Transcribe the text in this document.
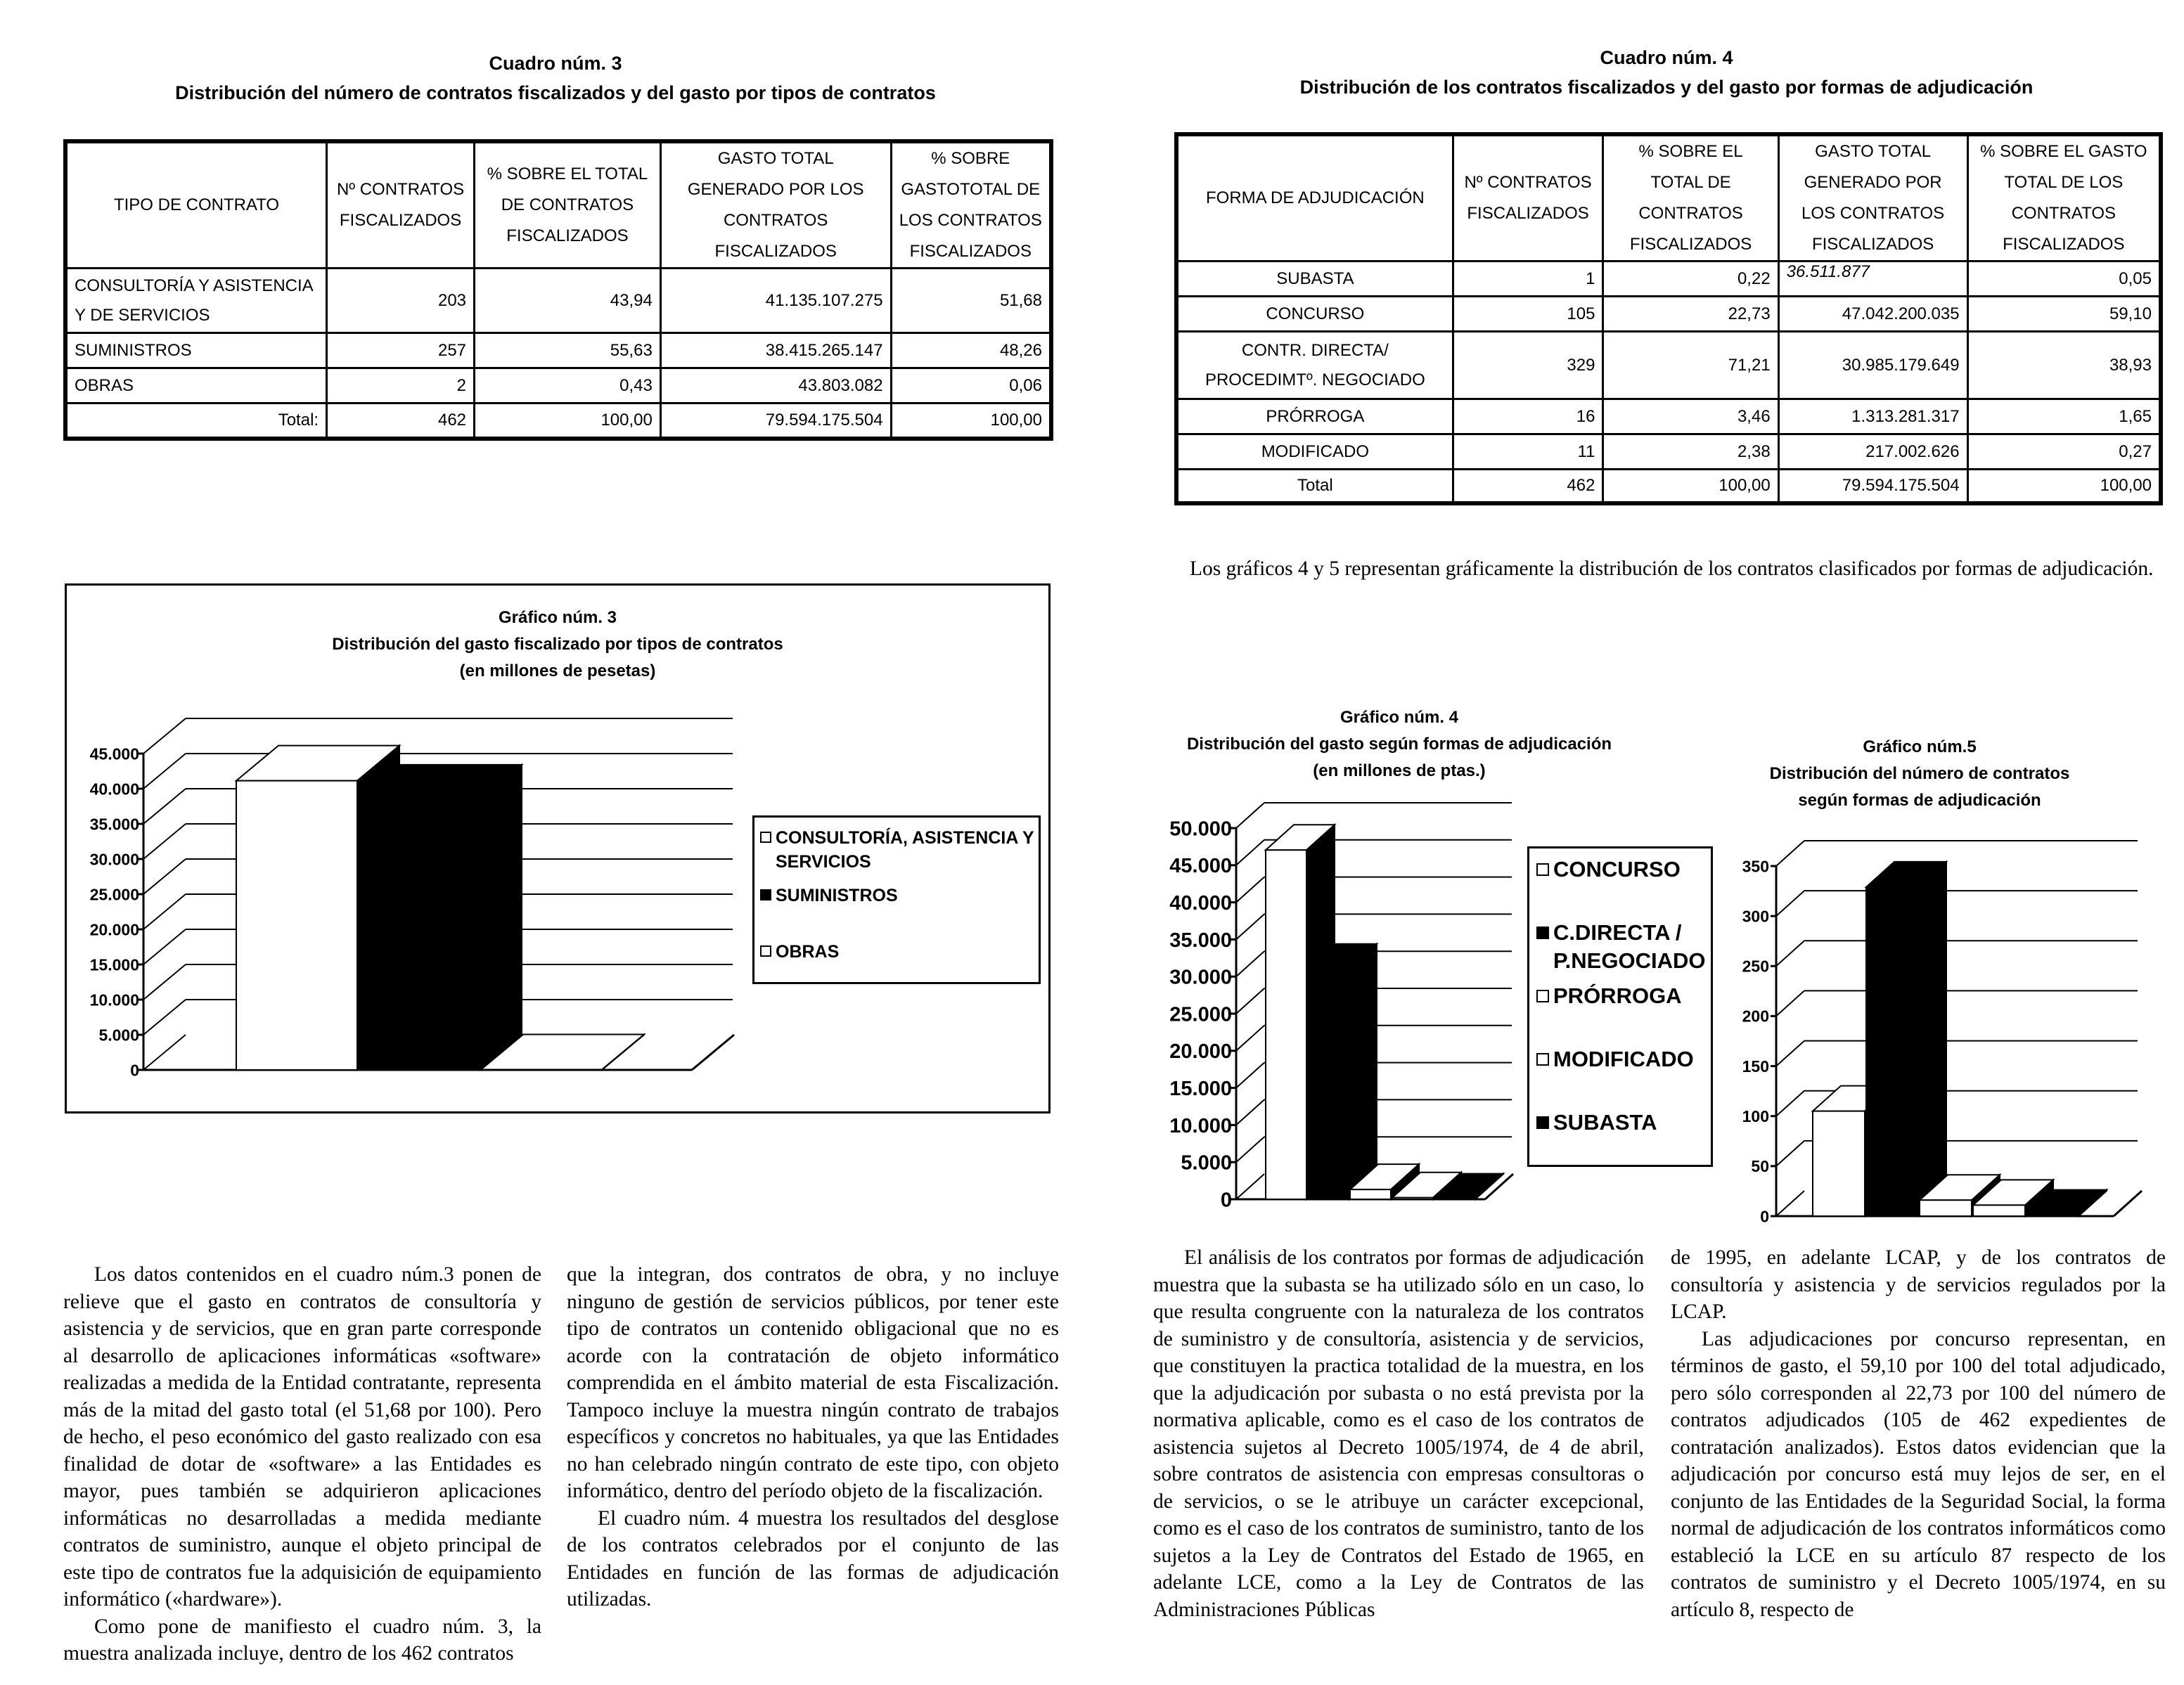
Cuadro núm. 3
Distribución del número de contratos fiscalizados y del gasto por tipos de contratos
TIPO DE CONTRATO	Nº CONTRATOS FISCALIZADOS	% SOBRE EL TOTAL DE CONTRATOS FISCALIZADOS	GASTO TOTAL GENERADO POR LOS CONTRATOS FISCALIZADOS	% SOBRE GASTOTOTAL DE LOS CONTRATOS FISCALIZADOS
CONSULTORÍA Y ASISTENCIA Y DE SERVICIOS	203	43,94	41.135.107.275	51,68
SUMINISTROS	257	55,63	38.415.265.147	48,26
OBRAS	2	0,43	43.803.082	0,06
Total:	462	100,00	79.594.175.504	100,00
Cuadro núm. 4
Distribución de los contratos fiscalizados y del gasto por formas de adjudicación
FORMA DE ADJUDICACIÓN	Nº CONTRATOS FISCALIZADOS	% SOBRE EL TOTAL DE CONTRATOS FISCALIZADOS	GASTO TOTAL GENERADO POR LOS CONTRATOS FISCALIZADOS	% SOBRE EL GASTO TOTAL DE LOS CONTRATOS FISCALIZADOS
SUBASTA	1	0,22	36.511.877	0,05
CONCURSO	105	22,73	47.042.200.035	59,10
CONTR. DIRECTA/ PROCEDIMTº. NEGOCIADO	329	71,21	30.985.179.649	38,93
PRÓRROGA	16	3,46	1.313.281.317	1,65
MODIFICADO	11	2,38	217.002.626	0,27
Total	462	100,00	79.594.175.504	100,00

Los gráficos 4 y 5 representan gráficamente la distribución de los contratos clasificados por formas de adjudicación.

Gráfico núm. 3
Distribución del gasto fiscalizado por tipos de contratos
(en millones de pesetas)
0
5.000
10.000
15.000
20.000
25.000
30.000
35.000
40.000
45.000
0
5.000
10.000
15.000
20.000
25.000
30.000
35.000
40.000
45.000
50.000
0
50
100
150
200
250
300
350
CONSULTORÍA, ASISTENCIA Y SERVICIOS
SUMINISTROS
OBRAS
Gráfico núm. 4
Distribución del gasto según formas de adjudicación
(en millones de ptas.)
CONCURSO
C.DIRECTA / P.NEGOCIADO
PRÓRROGA
MODIFICADO
SUBASTA
Gráfico núm.5
Distribución del número de contratos
según formas de adjudicación

Los datos contenidos en el cuadro núm.3 ponen de relieve que el gasto en contratos de consultoría y asistencia y de servicios, que en gran parte corresponde al desarrollo de aplicaciones informáticas «software» realizadas a medida de la Entidad contratante, representa más de la mitad del gasto total (el 51,68 por 100). Pero de hecho, el peso económico del gasto realizado con esa finalidad de dotar de «software» a las Entidades es mayor, pues también se adquirieron aplicaciones informáticas no desarrolladas a medida mediante contratos de suministro, aunque el objeto principal de este tipo de contratos fue la adquisición de equipamiento informático («hardware»).

Como pone de manifiesto el cuadro núm. 3, la muestra analizada incluye, dentro de los 462 contratos

que la integran, dos contratos de obra, y no incluye ninguno de gestión de servicios públicos, por tener este tipo de contratos un contenido obligacional que no es acorde con la contratación de objeto informático comprendida en el ámbito material de esta Fiscalización. Tampoco incluye la muestra ningún contrato de trabajos específicos y concretos no habituales, ya que las Entidades no han celebrado ningún contrato de este tipo, con objeto informático, dentro del período objeto de la fiscalización.

El cuadro núm. 4 muestra los resultados del desglose de los contratos celebrados por el conjunto de las Entidades en función de las formas de adjudicación utilizadas.

El análisis de los contratos por formas de adjudicación muestra que la subasta se ha utilizado sólo en un caso, lo que resulta congruente con la naturaleza de los contratos de suministro y de consultoría, asistencia y de servicios, que constituyen la practica totalidad de la muestra, en los que la adjudicación por subasta o no está prevista por la normativa aplicable, como es el caso de los contratos de asistencia sujetos al Decreto 1005/1974, de 4 de abril, sobre contratos de asistencia con empresas consultoras o de servicios, o se le atribuye un carácter excepcional, como es el caso de los contratos de suministro, tanto de los sujetos a la Ley de Contratos del Estado de 1965, en adelante LCE, como a la Ley de Contratos de las Administraciones Públicas

de 1995, en adelante LCAP, y de los contratos de consultoría y asistencia y de servicios regulados por la LCAP.

Las adjudicaciones por concurso representan, en términos de gasto, el 59,10 por 100 del total adjudicado, pero sólo corresponden al 22,73 por 100 del número de contratos adjudicados (105 de 462 expedientes de contratación analizados). Estos datos evidencian que la adjudicación por concurso está muy lejos de ser, en el conjunto de las Entidades de la Seguridad Social, la forma normal de adjudicación de los contratos informáticos como estableció la LCE en su artículo 87 respecto de los contratos de suministro y el Decreto 1005/1974, en su artículo 8, respecto de
